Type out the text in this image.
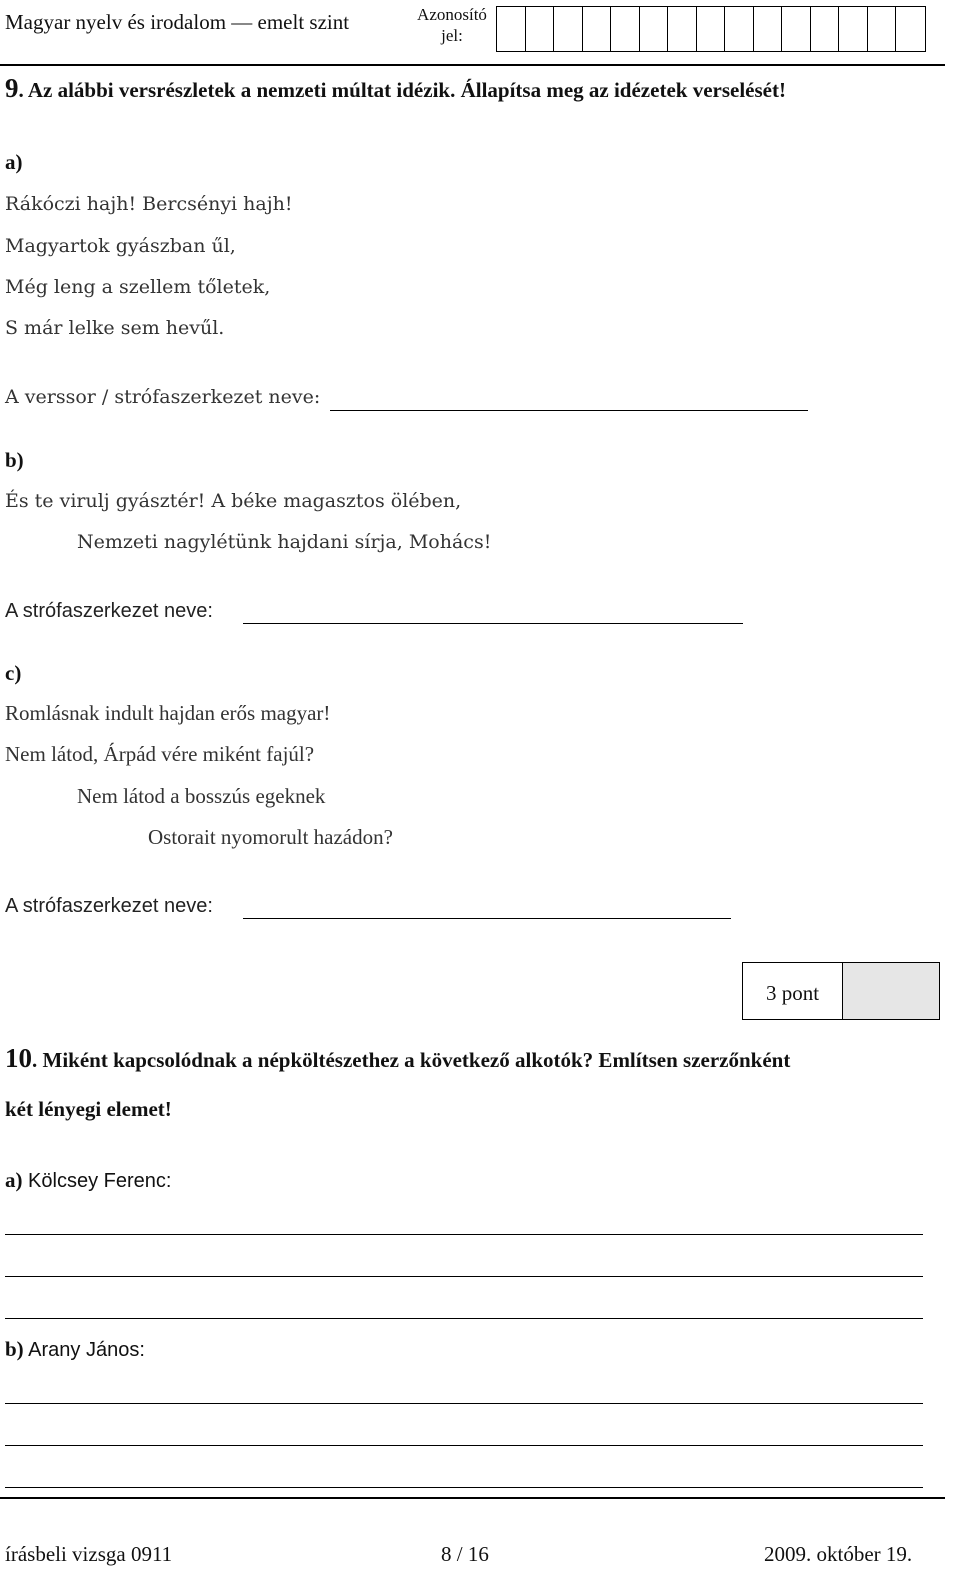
Magyar nyelv és irodalom — emelt szint	Azonosító
jel:
9. Az alábbi versrészletek a nemzeti múltat idézik. Állapítsa meg az idézetek verselését!
a)
Rákóczi hajh! Bercsényi hajh!
Magyartok gyászban űl,
Még leng a szellem tőletek,
S már lelke sem hevűl.
A verssor / strófaszerkezet neve:
b)
És te virulj gyásztér! A béke magasztos ölében,
Nemzeti nagylétünk hajdani sírja, Mohács!
A strófaszerkezet neve:
c)
Romlásnak indult hajdan erős magyar!
Nem látod, Árpád vére miként fajúl?
Nem látod a bosszús egeknek
Ostorait nyomorult hazádon?
A strófaszerkezet neve:
3 pont
10. Miként kapcsolódnak a népköltészethez a következő alkotók? Említsen szerzőnként
két lényegi elemet!
a) Kölcsey Ferenc:
b) Arany János:
írásbeli vizsga 0911	8 / 16	2009. október 19.
